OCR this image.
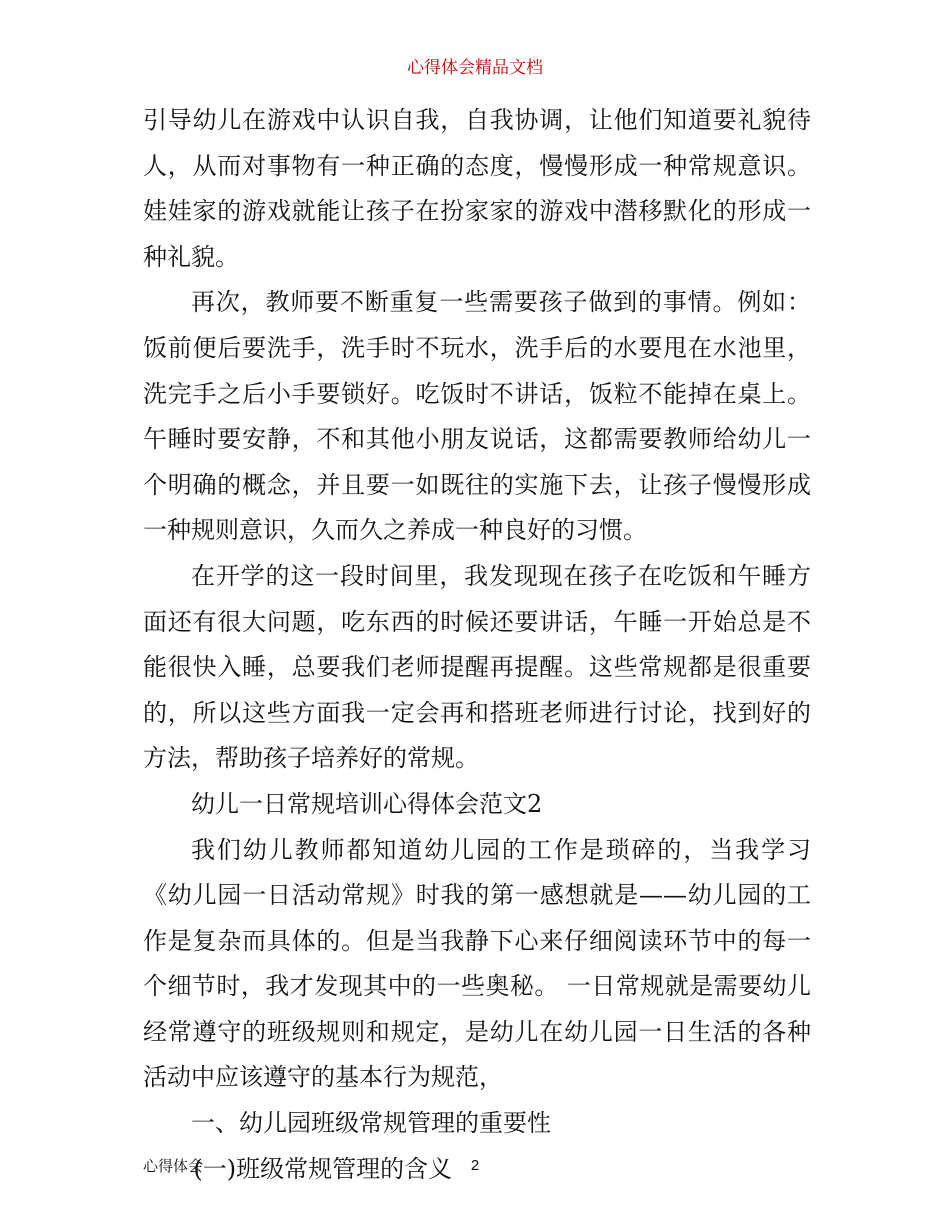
心得体会精品文档

引导幼儿在游戏中认识自我，自我协调，让他们知道要礼貌待人，从而对事物有一种正确的态度，慢慢形成一种常规意识。娃娃家的游戏就能让孩子在扮家家的游戏中潜移默化的形成一种礼貌。

再次，教师要不断重复一些需要孩子做到的事情。例如：饭前便后要洗手，洗手时不玩水，洗手后的水要甩在水池里，洗完手之后小手要锁好。吃饭时不讲话，饭粒不能掉在桌上。午睡时要安静，不和其他小朋友说话，这都需要教师给幼儿一个明确的概念，并且要一如既往的实施下去，让孩子慢慢形成一种规则意识，久而久之养成一种良好的习惯。

在开学的这一段时间里，我发现现在孩子在吃饭和午睡方面还有很大问题，吃东西的时候还要讲话，午睡一开始总是不能很快入睡，总要我们老师提醒再提醒。这些常规都是很重要的，所以这些方面我一定会再和搭班老师进行讨论，找到好的方法，帮助孩子培养好的常规。

幼儿一日常规培训心得体会范文2

我们幼儿教师都知道幼儿园的工作是琐碎的，当我学习《幼儿园一日活动常规》时我的第一感想就是——幼儿园的工作是复杂而具体的。但是当我静下心来仔细阅读环节中的每一个细节时，我才发现其中的一些奥秘。 一日常规就是需要幼儿经常遵守的班级规则和规定，是幼儿在幼儿园一日生活的各种活动中应该遵守的基本行为规范，

一、幼儿园班级常规管理的重要性

(一)班级常规管理的含义

心得体会	2
